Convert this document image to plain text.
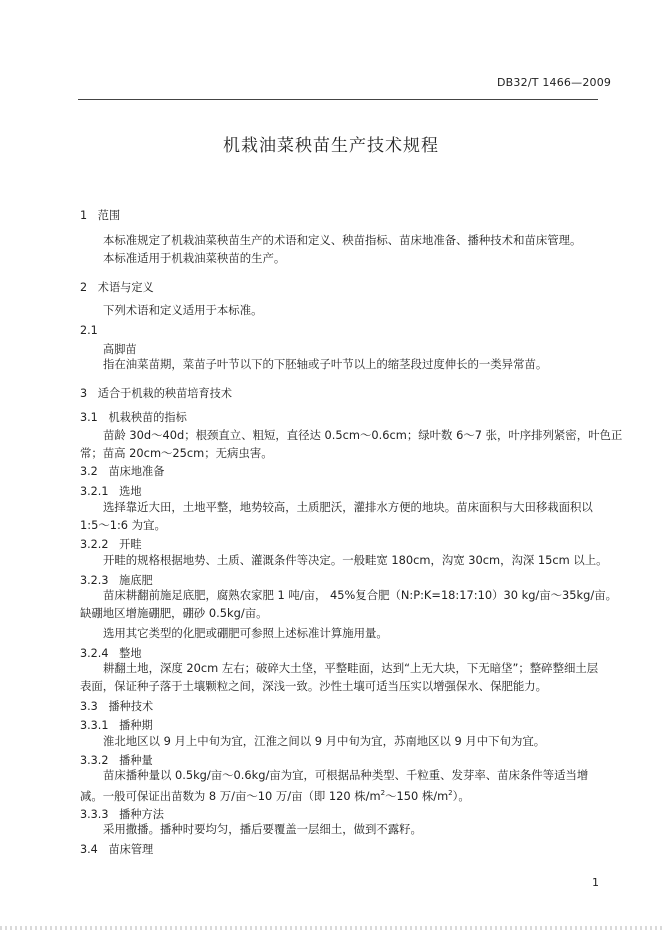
DB32/T 1466—2009
机栽油菜秧苗生产技术规程
1 范围
本标准规定了机栽油菜秧苗生产的术语和定义、秧苗指标、苗床地准备、播种技术和苗床管理。
本标准适用于机栽油菜秧苗的生产。
2 术语与定义
下列术语和定义适用于本标准。
2.1
高脚苗
指在油菜苗期，菜苗子叶节以下的下胚轴或子叶节以上的缩茎段过度伸长的一类异常苗。
3 适合于机栽的秧苗培育技术
3.1 机栽秧苗的指标
苗龄 30d～40d；根颈直立、粗短，直径达 0.5cm～0.6cm；绿叶数 6～7 张，叶序排列紧密，叶色正
常；苗高 20cm～25cm；无病虫害。
3.2 苗床地准备
3.2.1 选地
选择靠近大田，土地平整，地势较高，土质肥沃，灌排水方便的地块。苗床面积与大田移栽面积以
1:5～1:6 为宜。
3.2.2 开畦
开畦的规格根据地势、土质、灌溉条件等决定。一般畦宽 180cm，沟宽 30cm，沟深 15cm 以上。
3.2.3 施底肥
苗床耕翻前施足底肥，腐熟农家肥 1 吨/亩， 45%复合肥（N:P:K=18:17:10）30 kg/亩～35kg/亩。
缺硼地区增施硼肥，硼砂 0.5kg/亩。
选用其它类型的化肥或硼肥可参照上述标准计算施用量。
3.2.4 整地
耕翻土地，深度 20cm 左右；破碎大土垡，平整畦面，达到“上无大块，下无暗垡”；整碎整细土层
表面，保证种子落于土壤颗粒之间，深浅一致。沙性土壤可适当压实以增强保水、保肥能力。
3.3 播种技术
3.3.1 播种期
淮北地区以 9 月上中旬为宜，江淮之间以 9 月中旬为宜，苏南地区以 9 月中下旬为宜。
3.3.2 播种量
苗床播种量以 0.5kg/亩～0.6kg/亩为宜，可根据品种类型、千粒重、发芽率、苗床条件等适当增
减。一般可保证出苗数为 8 万/亩～10 万/亩（即 120 株$/m^2\sim 150$ 株$/m^2$）。
3.3.3 播种方法
采用撒播。播种时要均匀，播后要覆盖一层细土，做到不露籽。
3.4 苗床管理
1
